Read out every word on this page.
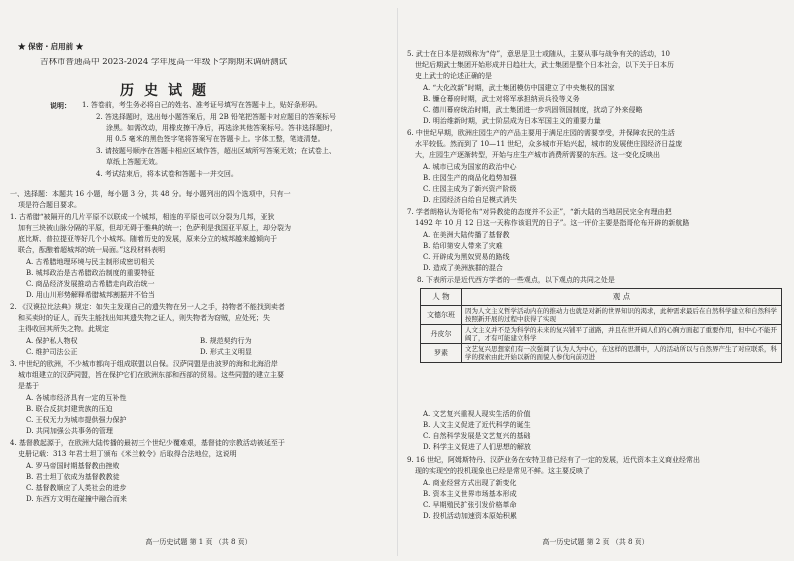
★ 保密・启用前 ★
吉林市普通高中 2023-2024 学年度高一年级下学期期末调研测试
历史试题
说明：	1. 答卷前，考生务必将自己的姓名、准考证号填写在答题卡上，贴好条形码。
2. 答选择题时，选出每小题答案后，用 2B 铅笔把答题卡对应题目的答案标号
涂黑。如需改动，用橡皮擦干净后，再选涂其他答案标号。答非选择题时，
用 0.5 毫米的黑色签字笔将答案写在答题卡上。字体工整，笔迹清楚。
3. 请按题号顺序在答题卡相应区域作答，超出区域所写答案无效；在试卷上、
草纸上答题无效。
4. 考试结束后，将本试卷和答题卡一并交回。
一、选择题：本题共 16 小题，每小题 3 分，共 48 分。每小题列出的四个选项中，只有一
项是符合题目要求。
1. 古希腊“被隔开的几片平原不以联成一个城邦，相连的平原也可以分裂为几邦，亚狄
加有三块被山脉分隔的平原，但却无碍于雅典的统一；色萨利是我国亚平原上，却分裂为
底比斯、普拉提亚等好几个小城邦。随着历史的发展，原来分立的城邦越来越倾向于
联合，酝酿着超城邦的统一局面。”这段材料表明
A. 古希腊地理环境与民主制形成密切相关
B. 城邦政治是古希腊政治制度的重要特征
C. 商品经济发展推动古希腊走向政治统一
D. 用山川形势解释希腊城邦割据并不恰当
2. 《汉谟拉比法典》规定：如失主发现自己的遗失物在另一人之手，持物者不能找到卖者
和买卖时的证人，而失主能找出知其遗失物之证人，则失物者为窃贼，应处死；失
主得收回其所失之物。此规定
A. 保护私人物权	B. 规范契约行为
C. 维护司法公正	D. 形式主义明显
3. 中世纪的欧洲，不少城市都向于组成联盟以自保。汉萨同盟是由波罗的海和北海沿岸
城市组建立的汉萨同盟，旨在保护它们在欧洲东部和西部的贸易。这些同盟的建立主要
是基于
A. 各城市经济具有一定的互补性
B. 联合反抗封建贵族的压迫
C. 王权无力为城市提供强力保护
D. 共同加强公共事务的管理
4. 基督教起源于，在欧洲大陆传播的最初三个世纪少覆难艰，基督徒的宗教活动被延至于
史册记载：313 年君士坦丁颁布《米兰敕令》后取得合法地位，这说明
A. 罗马帝国时期基督教由挫败
B. 君士坦丁依成为基督教教徒
C. 基督教顺应了人类社会的进步
D. 东西方文明在碰撞中融合而来
高一历史试题 第 1 页 （共 8 页）
5. 武士在日本是初级称为“侍”，意思是卫士或随从，主要从事与战争有关的活动，10
世纪后期武士集团开始形成并日趋壮大，武士集团是整个日本社会，以下关于日本历
史上武士的论述正确的是
A. “大化改新”时期，武士集团模仿中国建立了中央集权的国家
B. 镰仓幕府时期，武士对将军承担纳贡兵役等义务
C. 德川幕府统治时期，武士集团进一步巩固领国制度，扰动了外来侵略
D. 明治维新时期，武士阶层成为日本军国主义的重要力量
6. 中世纪早期，欧洲庄园生产的产品主要用于满足庄园的需要享受，并保障农民的生活
水平较低。然而到了 10—11 世纪，众多城市开始兴起，城市的发展使庄园经济日益庞
大，庄园生产逐渐转型，开始与庄生产城市消费所需要的东西。这一变化反映出
A. 城市已成为国家的政治中心
B. 庄园生产的商品化趋势加强
C. 庄园主成为了新兴资产阶级
D. 庄园经济自给自足模式消失
7. 学者朗格认为哥伦布“对异教徒的态度并不公正”，“新大陆的当地居民完全有理由把
1492 年 10 月 12 日这一天称作该诅咒的日子”。这一评价主要是指哥伦布开辟的新航路
A. 在美洲大陆传播了基督教
B. 给印第安人带来了灾难
C. 开辟成为黑奴贸易的路线
D. 造成了美洲族群的混合
8. 下表所示是近代西方学者的一些观点，以下观点的共同之处是
人 物	观 点
文德尔班	因为人文主义哲学活动内在的推动力也就是对新的世界知识的渴求，此种需求最后在自然科学建立和自然科学按照新开展的过程中获得了实现
丹皮尔	人文主义并不是为科学的未来的复兴铺平了道路，并且在世开阔人们的心胸方面起了重要作用，但中心不能开阔了，才有可能建立科学
罗素	文艺复兴思想家们有一次强调了认为人为中心，在这样的思潮中，人的活动所以与自然界产生了对应联系，科学的探索由此开始以新的面貌人参伐向前迈进
A. 文艺复兴重视人现实生活的价值
B. 人文主义促进了近代科学的诞生
C. 自然科学发展是文艺复兴的基础
D. 科学主义促进了人们思想的解放
9. 16 世纪，阿姆斯特丹、汉萨业务在安特卫普已经有了一定的发展，近代资本主义商业经常出
现的实现空的投机现象也已经是常见不鲜。这主要反映了
A. 商业经营方式出现了新变化
B. 资本主义世界市场基本形成
C. 早期殖民扩张引发价格革命
D. 投机活动加速资本原始积累
高一历史试题 第 2 页 （共 8 页）
